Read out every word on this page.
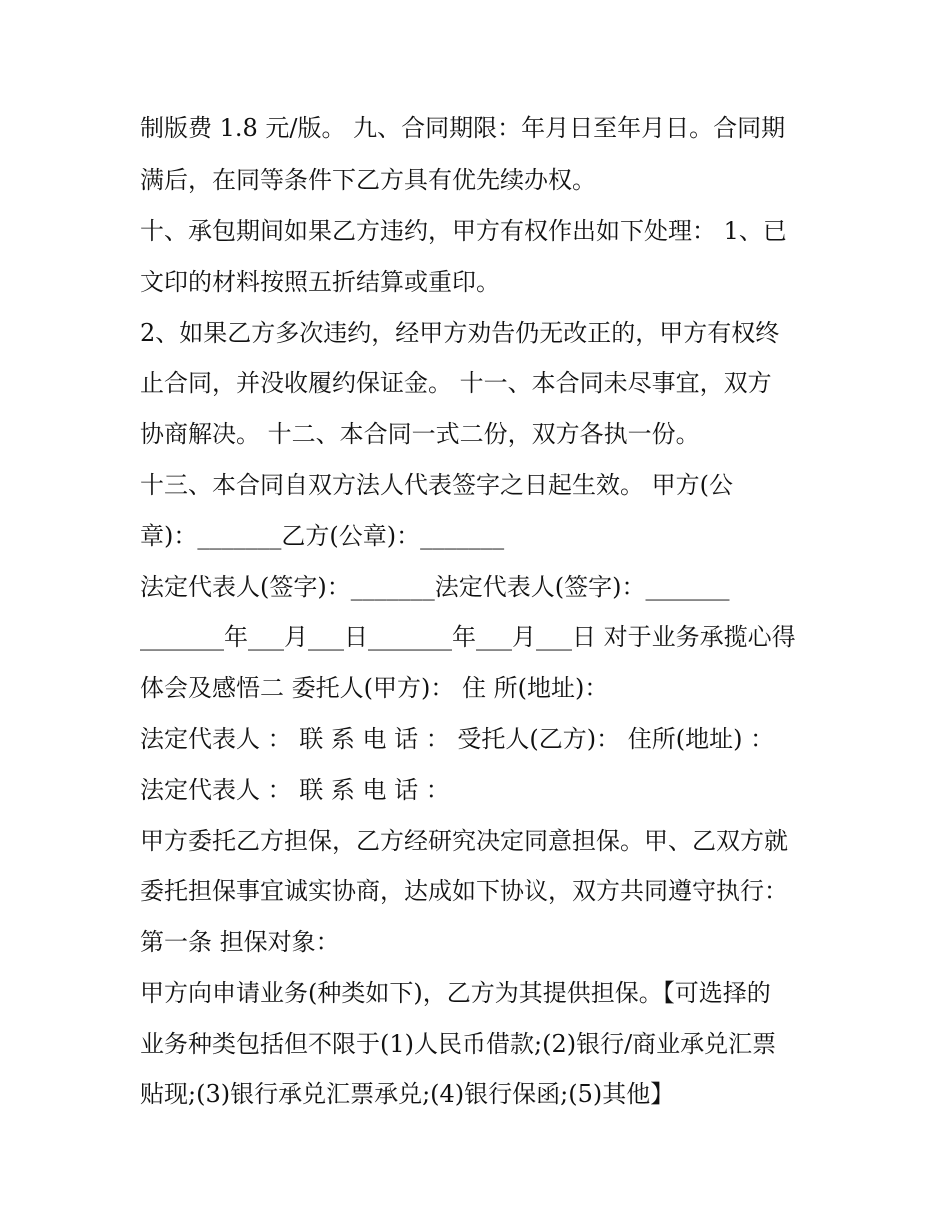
制版费 1.8 元/版。 九、合同期限：年月日至年月日。合同期
满后，在同等条件下乙方具有优先续办权。
十、承包期间如果乙方违约，甲方有权作出如下处理： 1、已
文印的材料按照五折结算或重印。
2、如果乙方多次违约，经甲方劝告仍无改正的，甲方有权终
止合同，并没收履约保证金。 十一、本合同未尽事宜，双方
协商解决。 十二、本合同一式二份，双方各执一份。
十三、本合同自双方法人代表签字之日起生效。 甲方(公
章)：_______乙方(公章)：_______
法定代表人(签字)：_______法定代表人(签字)：_______
_______年___月___日_______年___月___日 对于业务承揽心得
体会及感悟二 委托人(甲方)： 住 所(地址)：
法定代表人 ： 联 系 电 话 ： 受托人(乙方)： 住所(地址) ：
法定代表人 ： 联 系 电 话 ：
甲方委托乙方担保，乙方经研究决定同意担保。甲、乙双方就
委托担保事宜诚实协商，达成如下协议，双方共同遵守执行：
第一条 担保对象：
甲方向申请业务(种类如下)，乙方为其提供担保。【可选择的
业务种类包括但不限于(1)人民币借款;(2)银行/商业承兑汇票
贴现;(3)银行承兑汇票承兑;(4)银行保函;(5)其他】
